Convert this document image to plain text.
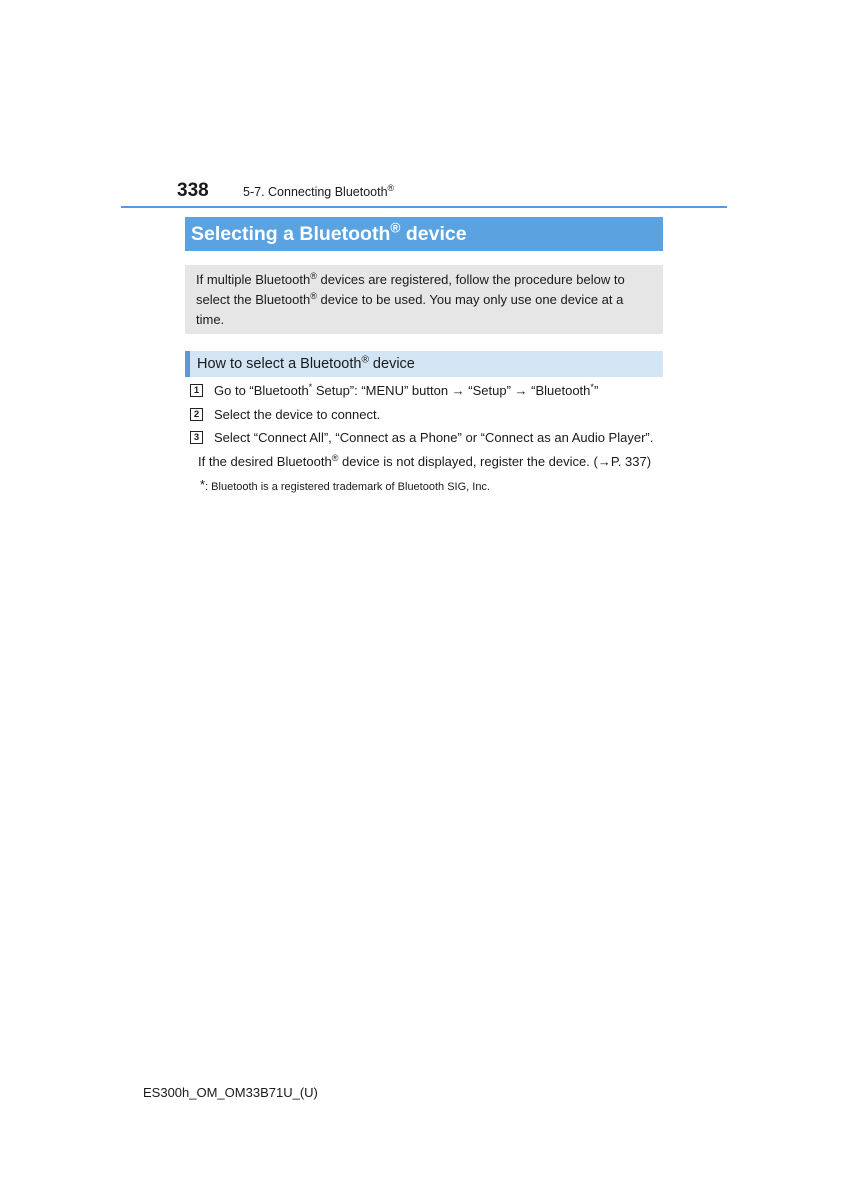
338	5-7. Connecting Bluetooth®
Selecting a Bluetooth® device
If multiple Bluetooth® devices are registered, follow the procedure below to select the Bluetooth® device to be used. You may only use one device at a time.
How to select a Bluetooth® device
1 Go to “Bluetooth* Setup”: “MENU” button → “Setup” → “Bluetooth*”
2 Select the device to connect.
3 Select “Connect All”, “Connect as a Phone” or “Connect as an Audio Player”.
If the desired Bluetooth® device is not displayed, register the device. (→P. 337)
*: Bluetooth is a registered trademark of Bluetooth SIG, Inc.
ES300h_OM_OM33B71U_(U)
